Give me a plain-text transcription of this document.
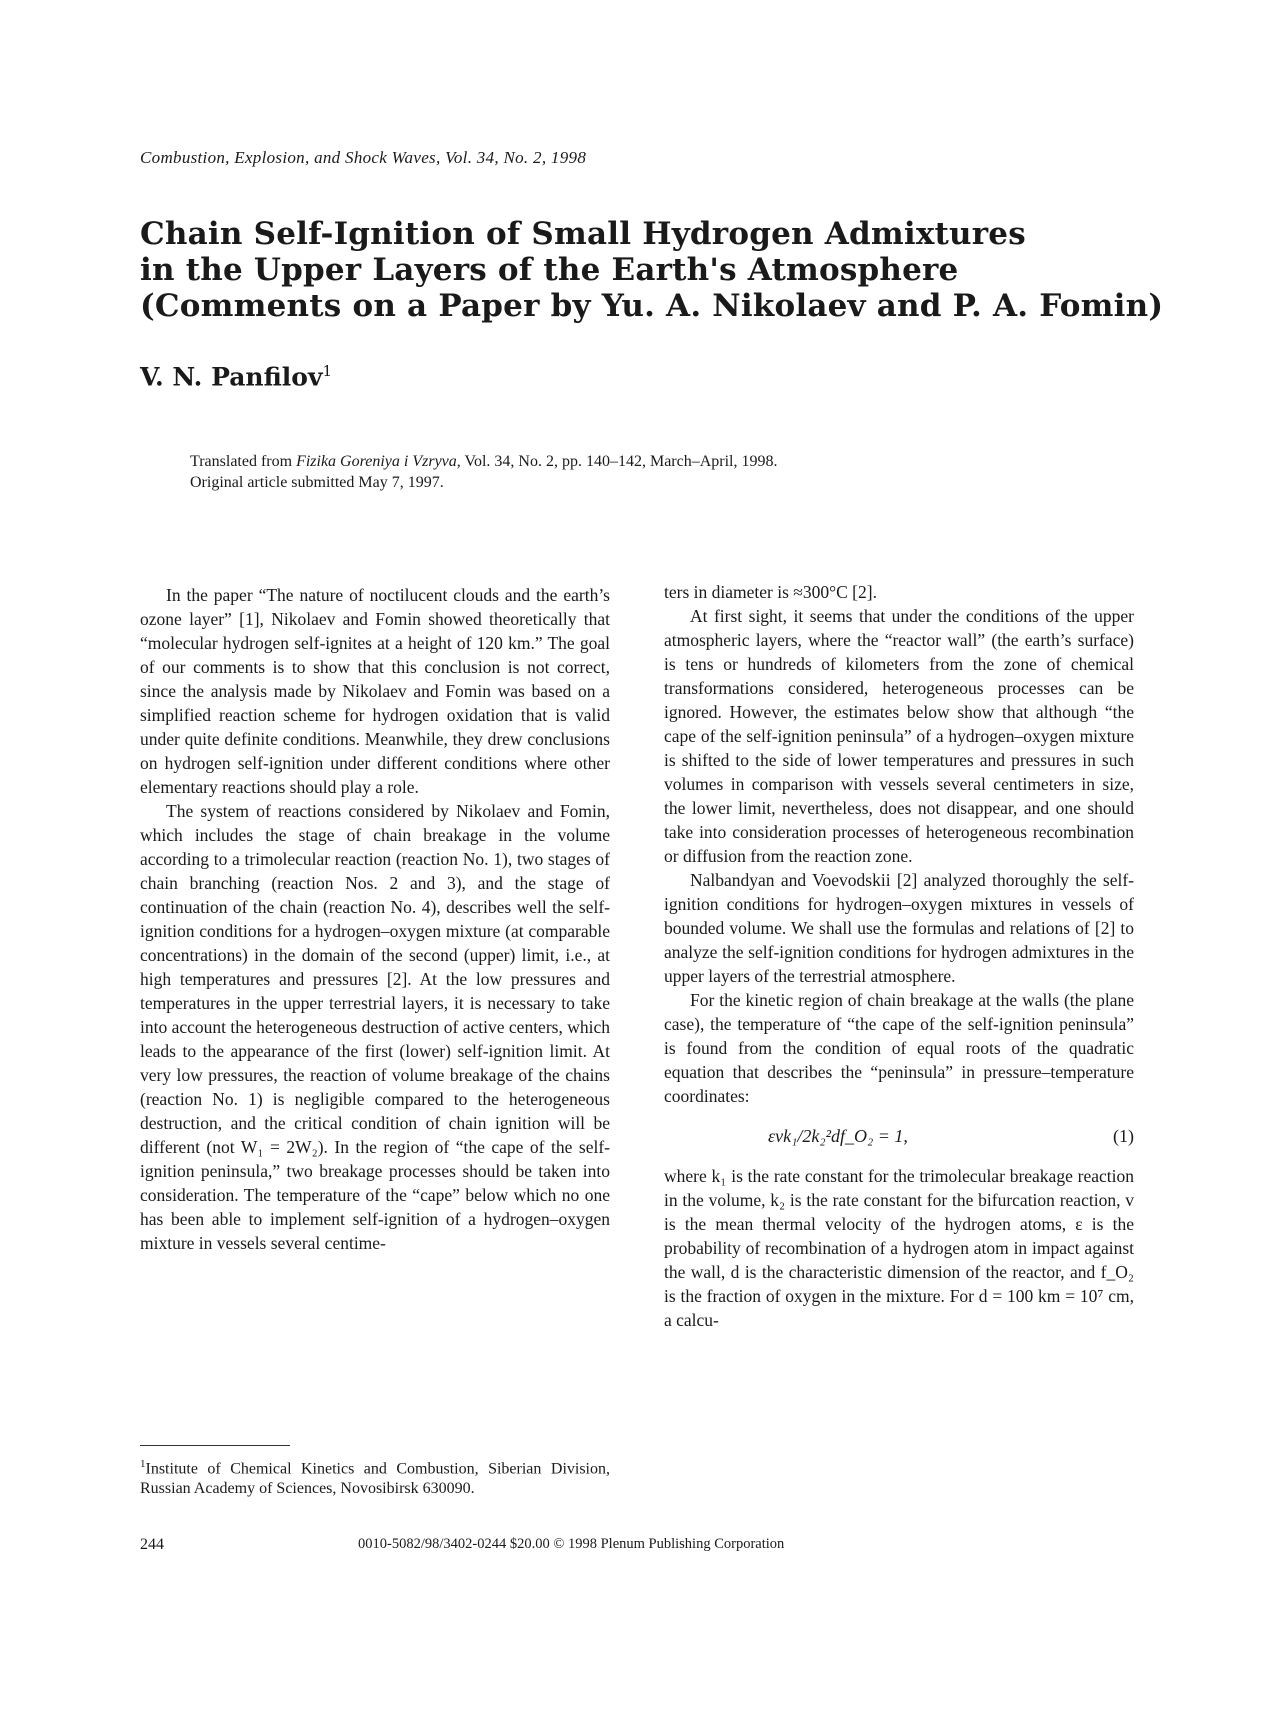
Combustion, Explosion, and Shock Waves, Vol. 34, No. 2, 1998
Chain Self-Ignition of Small Hydrogen Admixtures
in the Upper Layers of the Earth's Atmosphere
(Comments on a Paper by Yu. A. Nikolaev and P. A. Fomin)
V. N. Panfilov$^1$
Translated from Fizika Goreniya i Vzryva, Vol. 34, No. 2, pp. 140–142, March–April, 1998.
Original article submitted May 7, 1997.

In the paper “The nature of noctilucent clouds and the earth’s ozone layer” [1], Nikolaev and Fomin showed theoretically that “molecular hydrogen self-ignites at a height of 120 km.” The goal of our comments is to show that this conclusion is not correct, since the analysis made by Nikolaev and Fomin was based on a simplified reaction scheme for hydrogen oxidation that is valid under quite definite conditions. Meanwhile, they drew conclusions on hydrogen self-ignition under different conditions where other elementary reactions should play a role.

The system of reactions considered by Nikolaev and Fomin, which includes the stage of chain breakage in the volume according to a trimolecular reaction (reaction No. 1), two stages of chain branching (reaction Nos. 2 and 3), and the stage of continuation of the chain (reaction No. 4), describes well the self-ignition conditions for a hydrogen–oxygen mixture (at comparable concentrations) in the domain of the second (upper) limit, i.e., at high temperatures and pressures [2]. At the low pressures and temperatures in the upper terrestrial layers, it is necessary to take into account the heterogeneous destruction of active centers, which leads to the appearance of the first (lower) self-ignition limit. At very low pressures, the reaction of volume breakage of the chains (reaction No. 1) is negligible compared to the heterogeneous destruction, and the critical condition of chain ignition will be different (not W₁ = 2W₂). In the region of “the cape of the self-ignition peninsula,” two breakage processes should be taken into consideration. The temperature of the “cape” below which no one has been able to implement self-ignition of a hydrogen–oxygen mixture in vessels several centime-

ters in diameter is ≈300°C [2].

At first sight, it seems that under the conditions of the upper atmospheric layers, where the “reactor wall” (the earth’s surface) is tens or hundreds of kilometers from the zone of chemical transformations considered, heterogeneous processes can be ignored. However, the estimates below show that although “the cape of the self-ignition peninsula” of a hydrogen–oxygen mixture is shifted to the side of lower temperatures and pressures in such volumes in comparison with vessels several centimeters in size, the lower limit, nevertheless, does not disappear, and one should take into consideration processes of heterogeneous recombination or diffusion from the reaction zone.

Nalbandyan and Voevodskii [2] analyzed thoroughly the self-ignition conditions for hydrogen–oxygen mixtures in vessels of bounded volume. We shall use the formulas and relations of [2] to analyze the self-ignition conditions for hydrogen admixtures in the upper layers of the terrestrial atmosphere.

For the kinetic region of chain breakage at the walls (the plane case), the temperature of “the cape of the self-ignition peninsula” is found from the condition of equal roots of the quadratic equation that describes the “peninsula” in pressure–temperature coordinates:

εvk₁/2k₂²df_O₂ = 1,	(1)

where k₁ is the rate constant for the trimolecular breakage reaction in the volume, k₂ is the rate constant for the bifurcation reaction, v is the mean thermal velocity of the hydrogen atoms, ε is the probability of recombination of a hydrogen atom in impact against the wall, d is the characteristic dimension of the reactor, and f_O₂ is the fraction of oxygen in the mixture. For d = 100 km = 10⁷ cm, a calcu-

$^1$Institute of Chemical Kinetics and Combustion, Siberian Division, Russian Academy of Sciences, Novosibirsk 630090.
244	0010-5082/98/3402-0244 $20.00 © 1998 Plenum Publishing Corporation
